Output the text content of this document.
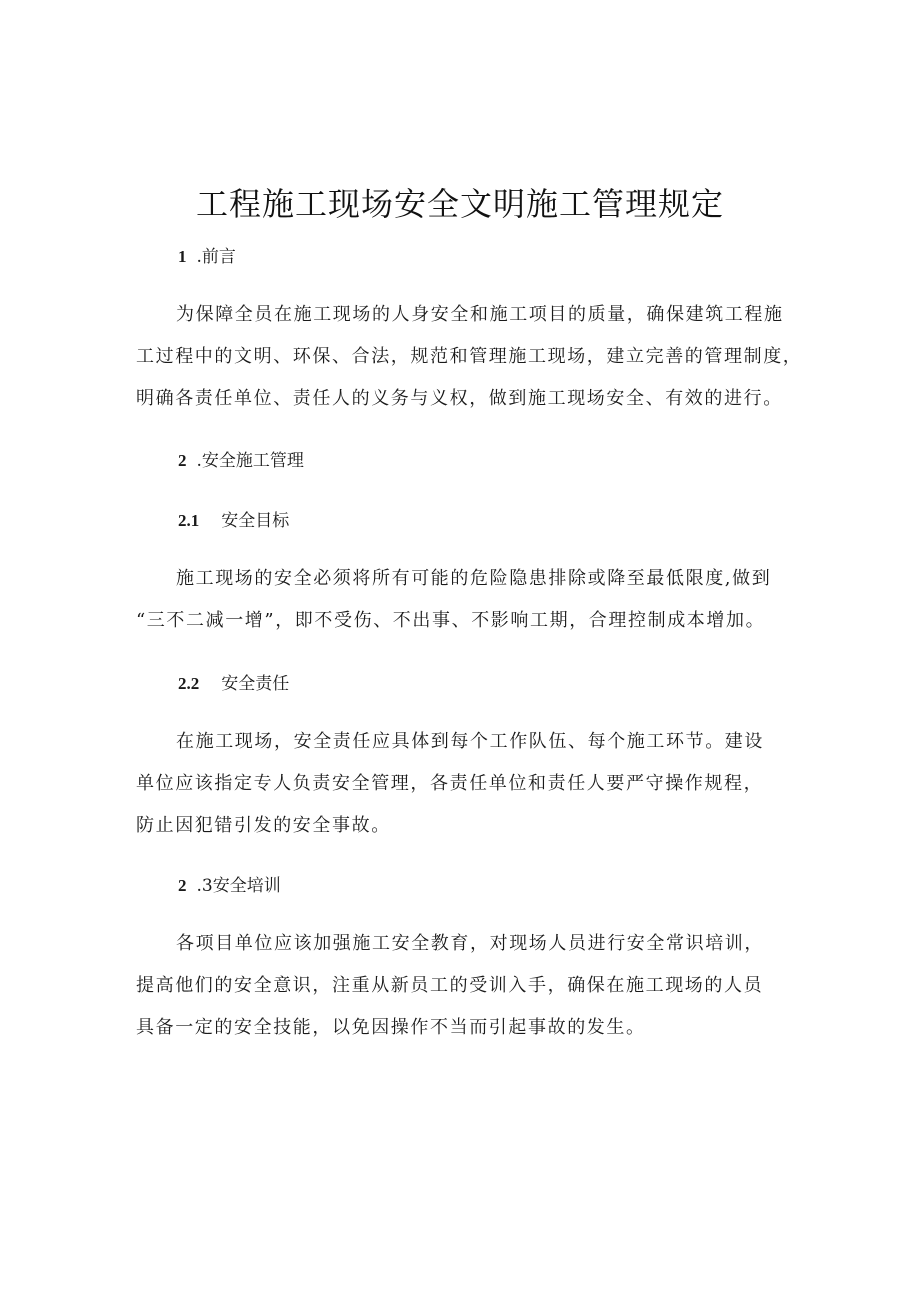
工程施工现场安全文明施工管理规定
1 .前言
为保障全员在施工现场的人身安全和施工项目的质量，确保建筑工程施
工过程中的文明、环保、合法，规范和管理施工现场，建立完善的管理制度，
明确各责任单位、责任人的义务与义权，做到施工现场安全、有效的进行。
2 .安全施工管理
2.1 安全目标
施工现场的安全必须将所有可能的危险隐患排除或降至最低限度,做到
“三不二减一增”，即不受伤、不出事、不影响工期，合理控制成本增加。
2.2 安全责任
在施工现场，安全责任应具体到每个工作队伍、每个施工环节。建设
单位应该指定专人负责安全管理，各责任单位和责任人要严守操作规程，
防止因犯错引发的安全事故。
2 .3安全培训
各项目单位应该加强施工安全教育，对现场人员进行安全常识培训，
提高他们的安全意识，注重从新员工的受训入手，确保在施工现场的人员
具备一定的安全技能，以免因操作不当而引起事故的发生。
